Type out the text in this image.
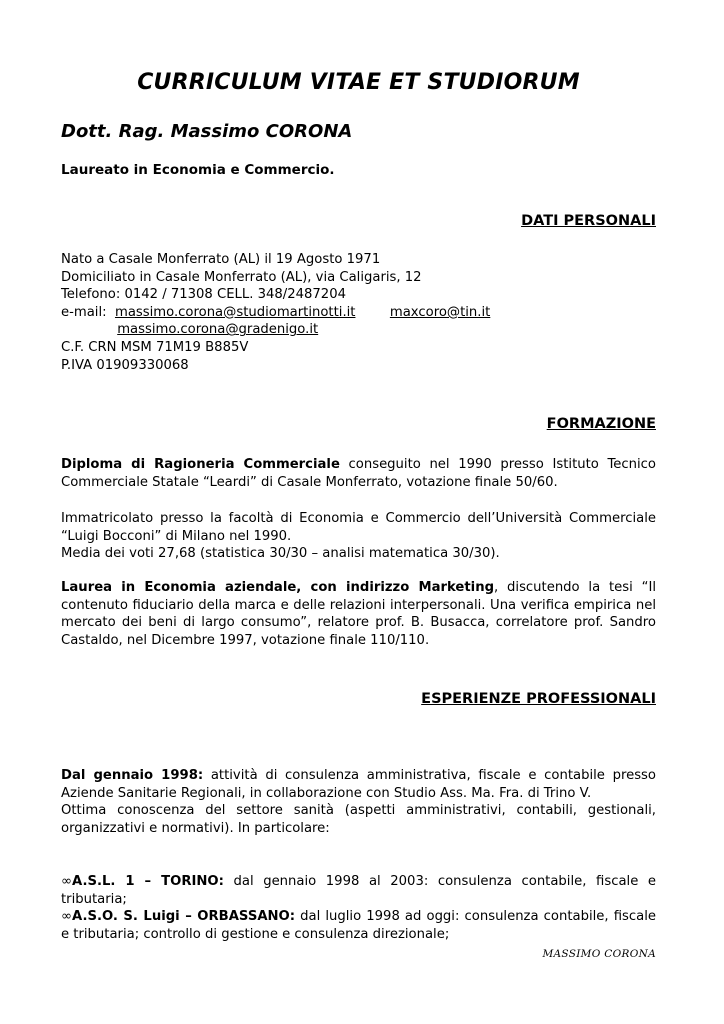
CURRICULUM VITAE ET STUDIORUM
Dott. Rag. Massimo CORONA
Laureato in Economia e Commercio.
DATI PERSONALI
Nato a Casale Monferrato (AL) il 19 Agosto 1971
Domiciliato in Casale Monferrato (AL), via Caligaris, 12
Telefono: 0142 / 71308 CELL. 348/2487204
e-mail: massimo.corona@studiomartinotti.it	maxcoro@tin.it
massimo.corona@gradenigo.it
C.F. CRN MSM 71M19 B885V
P.IVA 01909330068
FORMAZIONE
Diploma di Ragioneria Commerciale conseguito nel 1990 presso Istituto Tecnico Commerciale Statale “Leardi” di Casale Monferrato, votazione finale 50/60.
Immatricolato presso la facoltà di Economia e Commercio dell’Università Commerciale “Luigi Bocconi” di Milano nel 1990.
Media dei voti 27,68 (statistica 30/30 – analisi matematica 30/30).
Laurea in Economia aziendale, con indirizzo Marketing, discutendo la tesi “Il contenuto fiduciario della marca e delle relazioni interpersonali. Una verifica empirica nel mercato dei beni di largo consumo”, relatore prof. B. Busacca, correlatore prof. Sandro Castaldo, nel Dicembre 1997, votazione finale 110/110.
ESPERIENZE PROFESSIONALI
Dal gennaio 1998: attività di consulenza amministrativa, fiscale e contabile presso Aziende Sanitarie Regionali, in collaborazione con Studio Ass. Ma. Fra. di Trino V.
Ottima conoscenza del settore sanità (aspetti amministrativi, contabili, gestionali, organizzativi e normativi). In particolare:
∞A.S.L. 1 – TORINO: dal gennaio 1998 al 2003: consulenza contabile, fiscale e tributaria;
∞A.S.O. S. Luigi – ORBASSANO: dal luglio 1998 ad oggi: consulenza contabile, fiscale e tributaria; controllo di gestione e consulenza direzionale;
MASSIMO CORONA
